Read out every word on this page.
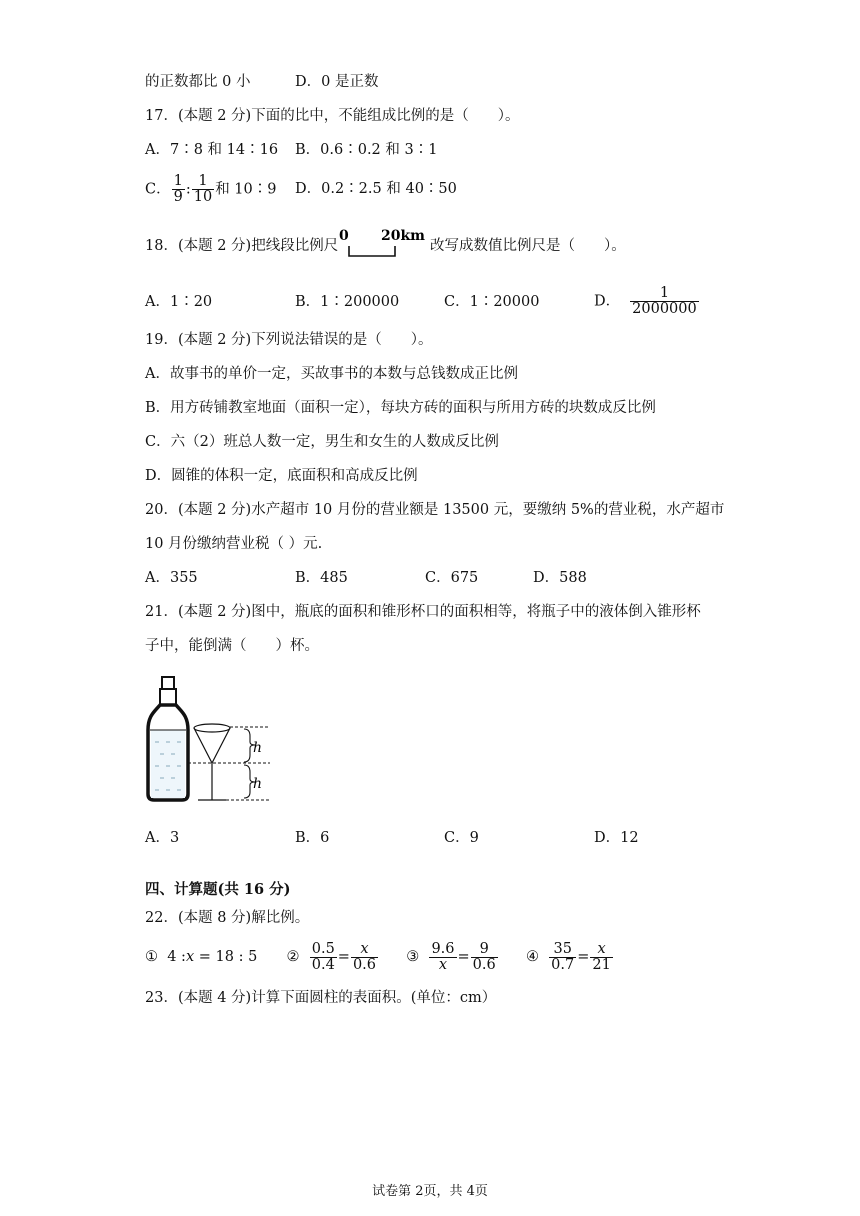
的正数都比 0 小	D．0 是正数
17．(本题 2 分)下面的比中，不能组成比例的是（　　）。
A．7∶8 和 14∶16 B．0.6∶0.2 和 3∶1
C． $\frac{1}{9}$ : $\frac{1}{10}$ 和 10∶9 D．0.2∶2.5 和 40∶50
18．(本题 2 分)把线段比例尺
0 20km
改写成数值比例尺是（　　）。
A．1∶20	B．1∶200000	C．1∶20000	D． $\frac{1}{2000000}$
19．(本题 2 分)下列说法错误的是（　　）。
A．故事书的单价一定，买故事书的本数与总钱数成正比例
B．用方砖铺教室地面（面积一定），每块方砖的面积与所用方砖的块数成反比例
C．六（2）班总人数一定，男生和女生的人数成反比例
D．圆锥的体积一定，底面积和高成反比例
20．(本题 2 分)水产超市 10 月份的营业额是 13500 元，要缴纳 5%的营业税，水产超市
10 月份缴纳营业税（ ）元.
A．355	B．485	C．675	D．588
21．(本题 2 分)图中，瓶底的面积和锥形杯口的面积相等，将瓶子中的液体倒入锥形杯
子中，能倒满（　　）杯。
h
h
A．3	B．6	C．9	D．12
四、计算题(共 16 分)
22．(本题 8 分)解比例。
① 4 :x = 18 : 5 ② $\frac{0.5}{0.4} = \frac{x}{0.6}$ ③ $\frac{9.6}{x} = \frac{9}{0.6}$ ④ $\frac{35}{0.7} = \frac{x}{21}$
23．(本题 4 分)计算下面圆柱的表面积。(单位：cm）
试卷第 2页，共 4页
